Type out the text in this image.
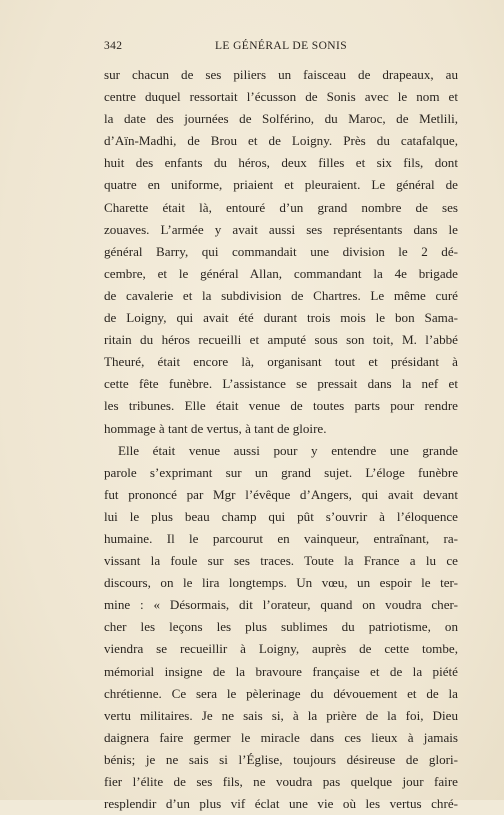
342	LE GÉNÉRAL DE SONIS

sur chacun de ses piliers un faisceau de drapeaux, au
centre duquel ressortait l’écusson de Sonis avec le nom et
la date des journées de Solférino, du Maroc, de Metlili,
d’Aïn-Madhi, de Brou et de Loigny. Près du catafalque,
huit des enfants du héros, deux filles et six fils, dont
quatre en uniforme, priaient et pleuraient. Le général de
Charette était là, entouré d’un grand nombre de ses
zouaves. L’armée y avait aussi ses représentants dans le
général Barry, qui commandait une division le 2 dé-
cembre, et le général Allan, commandant la 4e brigade
de cavalerie et la subdivision de Chartres. Le même curé
de Loigny, qui avait été durant trois mois le bon Sama-
ritain du héros recueilli et amputé sous son toit, M. l’abbé
Theuré, était encore là, organisant tout et présidant à
cette fête funèbre. L’assistance se pressait dans la nef et
les tribunes. Elle était venue de toutes parts pour rendre
hommage à tant de vertus, à tant de gloire.

Elle était venue aussi pour y entendre une grande
parole s’exprimant sur un grand sujet. L’éloge funèbre
fut prononcé par Mgr l’évêque d’Angers, qui avait devant
lui le plus beau champ qui pût s’ouvrir à l’éloquence
humaine. Il le parcourut en vainqueur, entraînant, ra-
vissant la foule sur ses traces. Toute la France a lu ce
discours, on le lira longtemps. Un vœu, un espoir le ter-
mine : « Désormais, dit l’orateur, quand on voudra cher-
cher les leçons les plus sublimes du patriotisme, on
viendra se recueillir à Loigny, auprès de cette tombe,
mémorial insigne de la bravoure française et de la piété
chrétienne. Ce sera le pèlerinage du dévouement et de la
vertu militaires. Je ne sais si, à la prière de la foi, Dieu
daignera faire germer le miracle dans ces lieux à jamais
bénis; je ne sais si l’Église, toujours désireuse de glori-
fier l’élite de ses fils, ne voudra pas quelque jour faire
resplendir d’un plus vif éclat une vie où les vertus chré-
